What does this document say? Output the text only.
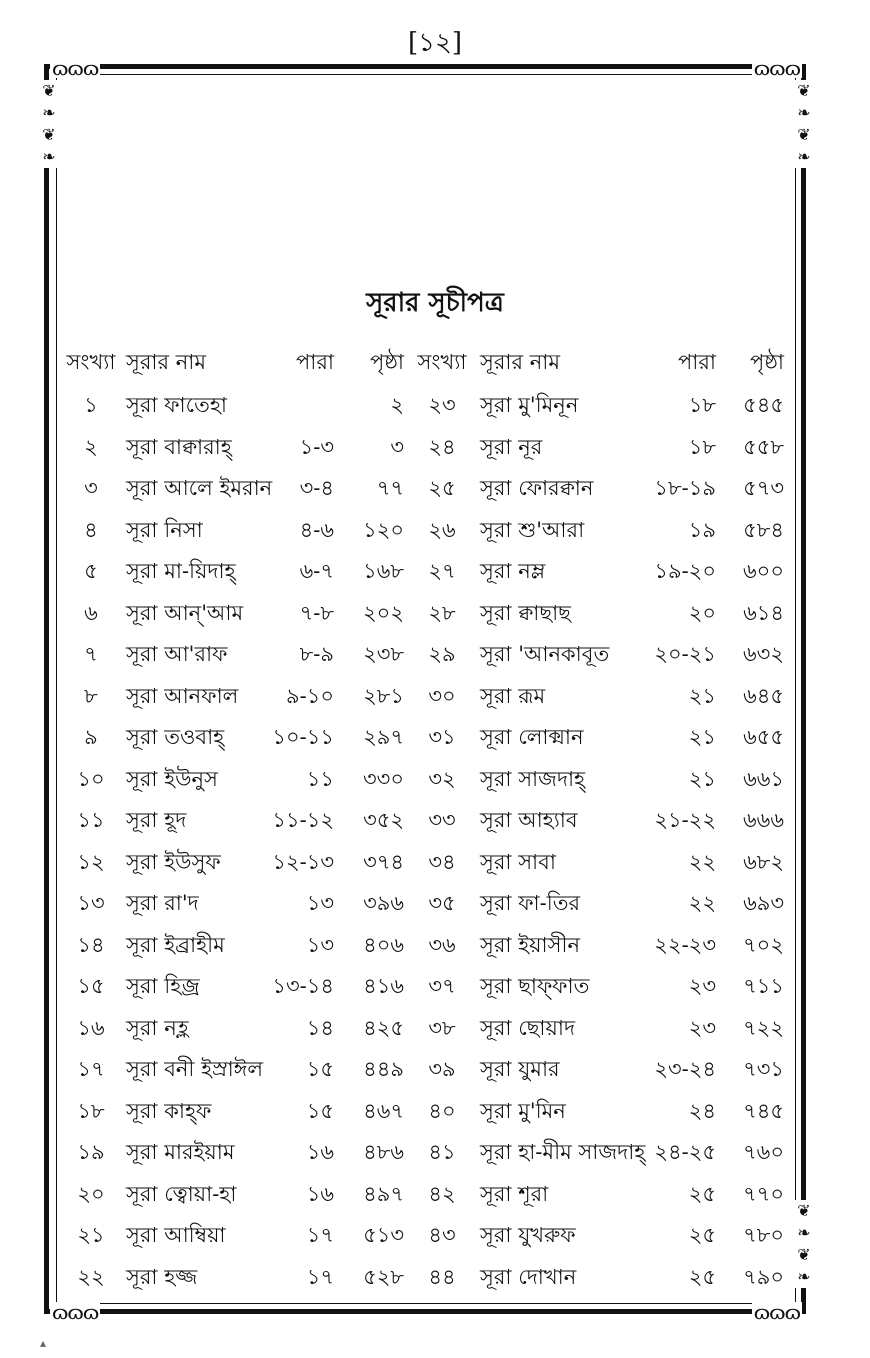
[১২]
ɷɷɷ	ɷɷɷ
ɷɷɷ	ɷɷɷ
❦
❧
❦
❧
❦
❧
❦
❧
❦
❧
❦
❧
সূরার সূচীপত্র
সংখ্যা	সূরার নাম	পারা	পৃষ্ঠা	সংখ্যা	সূরার নাম	পারা	পৃষ্ঠা
১	সূরা ফাতেহা		২	২৩	সূরা মু'মিনূন	১৮	৫৪৫
২	সূরা বাক্বারাহ্	১-৩	৩	২৪	সূরা নূর	১৮	৫৫৮
৩	সূরা আলে ইমরান	৩-৪	৭৭	২৫	সূরা ফোরক্বান	১৮-১৯	৫৭৩
৪	সূরা নিসা	৪-৬	১২০	২৬	সূরা শু'আরা	১৯	৫৮৪
৫	সূরা মা-য়িদাহ্	৬-৭	১৬৮	২৭	সূরা নম্ল	১৯-২০	৬০০
৬	সূরা আন্'আম	৭-৮	২০২	২৮	সূরা ক্বাছাছ	২০	৬১৪
৭	সূরা আ'রাফ	৮-৯	২৩৮	২৯	সূরা 'আনকাবূত	২০-২১	৬৩২
৮	সূরা আনফাল	৯-১০	২৮১	৩০	সূরা রূম	২১	৬৪৫
৯	সূরা তওবাহ্	১০-১১	২৯৭	৩১	সূরা লোক্মান	২১	৬৫৫
১০	সূরা ইউনুস	১১	৩৩০	৩২	সূরা সাজদাহ্	২১	৬৬১
১১	সূরা হূদ	১১-১২	৩৫২	৩৩	সূরা আহ্যাব	২১-২২	৬৬৬
১২	সূরা ইউসুফ	১২-১৩	৩৭৪	৩৪	সূরা সাবা	২২	৬৮২
১৩	সূরা রা'দ	১৩	৩৯৬	৩৫	সূরা ফা-তির	২২	৬৯৩
১৪	সূরা ইব্রাহীম	১৩	৪০৬	৩৬	সূরা ইয়াসীন	২২-২৩	৭০২
১৫	সূরা হিজ্র	১৩-১৪	৪১৬	৩৭	সূরা ছাফ্ফাত	২৩	৭১১
১৬	সূরা নহ্ল	১৪	৪২৫	৩৮	সূরা ছোয়াদ	২৩	৭২২
১৭	সূরা বনী ইস্রাঈল	১৫	৪৪৯	৩৯	সূরা যুমার	২৩-২৪	৭৩১
১৮	সূরা কাহ্ফ	১৫	৪৬৭	৪০	সূরা মু'মিন	২৪	৭৪৫
১৯	সূরা মারইয়াম	১৬	৪৮৬	৪১	সূরা হা-মীম সাজদাহ্	২৪-২৫	৭৬০
২০	সূরা ত্বোয়া-হা	১৬	৪৯৭	৪২	সূরা শূরা	২৫	৭৭০
২১	সূরা আম্বিয়া	১৭	৫১৩	৪৩	সূরা যুখরুফ	২৫	৭৮০
২২	সূরা হজ্জ	১৭	৫২৮	৪৪	সূরা দোখান	২৫	৭৯০
▴
